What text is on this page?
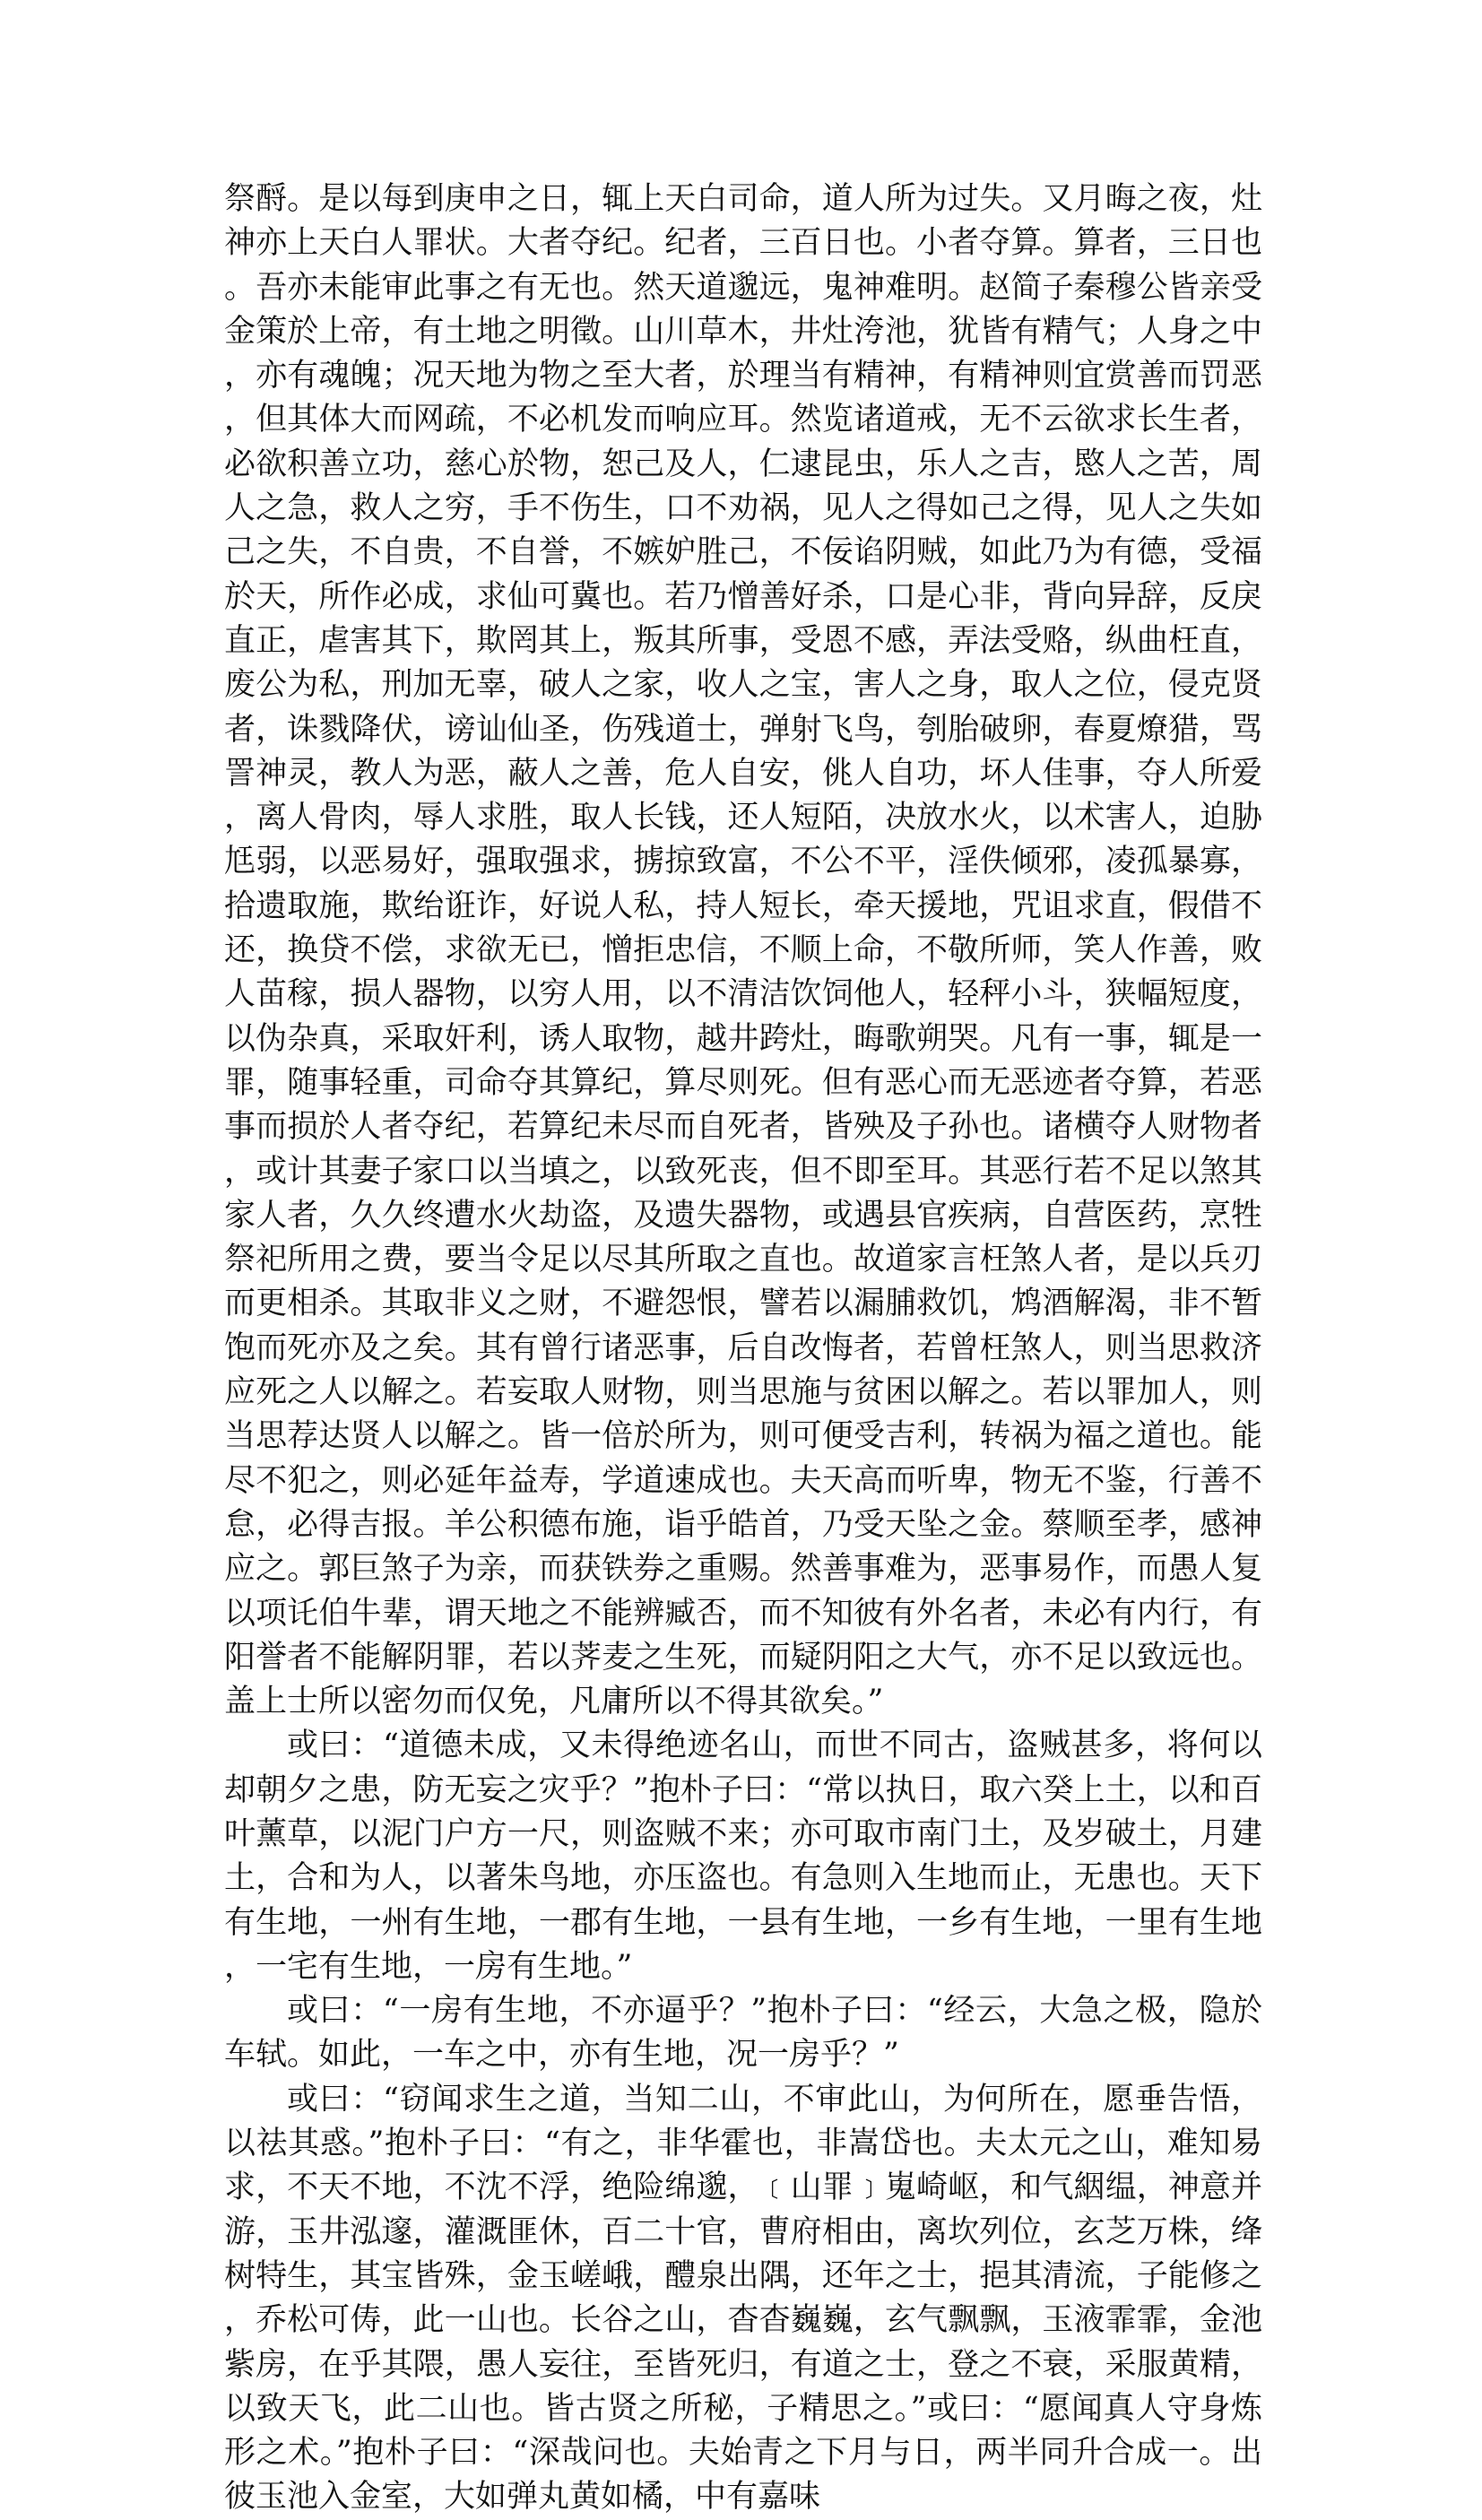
祭酹。是以每到庚申之日，辄上天白司命，道人所为过失。又月晦之夜，灶神亦上天白人罪状。大者夺纪。纪者，三百日也。小者夺算。算者，三日也。吾亦未能审此事之有无也。然天道邈远，鬼神难明。赵简子秦穆公皆亲受金策於上帝，有土地之明徵。山川草木，井灶洿池，犹皆有精气；人身之中，亦有魂魄；况天地为物之至大者，於理当有精神，有精神则宜赏善而罚恶，但其体大而网疏，不必机发而响应耳。然览诸道戒，无不云欲求长生者，必欲积善立功，慈心於物，恕己及人，仁逮昆虫，乐人之吉，愍人之苦，周人之急，救人之穷，手不伤生，口不劝祸，见人之得如己之得，见人之失如己之失，不自贵，不自誉，不嫉妒胜己，不佞谄阴贼，如此乃为有德，受福於天，所作必成，求仙可冀也。若乃憎善好杀，口是心非，背向异辞，反戾直正，虐害其下，欺罔其上，叛其所事，受恩不感，弄法受赂，纵曲枉直，废公为私，刑加无辜，破人之家，收人之宝，害人之身，取人之位，侵克贤者，诛戮降伏，谤讪仙圣，伤残道士，弹射飞鸟，刳胎破卵，春夏燎猎，骂詈神灵，教人为恶，蔽人之善，危人自安，佻人自功，坏人佳事，夺人所爱，离人骨肉，辱人求胜，取人长钱，还人短陌，决放水火，以术害人，迫胁尪弱，以恶易好，强取强求，掳掠致富，不公不平，淫佚倾邪，凌孤暴寡，拾遗取施，欺绐诳诈，好说人私，持人短长，牵天援地，咒诅求直，假借不还，换贷不偿，求欲无已，憎拒忠信，不顺上命，不敬所师，笑人作善，败人苗稼，损人器物，以穷人用，以不清洁饮饲他人，轻秤小斗，狭幅短度，以伪杂真，采取奸利，诱人取物，越井跨灶，晦歌朔哭。凡有一事，辄是一罪，随事轻重，司命夺其算纪，算尽则死。但有恶心而无恶迹者夺算，若恶事而损於人者夺纪，若算纪未尽而自死者，皆殃及子孙也。诸横夺人财物者，或计其妻子家口以当填之，以致死丧，但不即至耳。其恶行若不足以煞其家人者，久久终遭水火劫盗，及遗失器物，或遇县官疾病，自营医药，烹牲祭祀所用之费，要当令足以尽其所取之直也。故道家言枉煞人者，是以兵刃而更相杀。其取非义之财，不避怨恨，譬若以漏脯救饥，鸩酒解渴，非不暂饱而死亦及之矣。其有曾行诸恶事，后自改悔者，若曾枉煞人，则当思救济应死之人以解之。若妄取人财物，则当思施与贫困以解之。若以罪加人，则当思荐达贤人以解之。皆一倍於所为，则可便受吉利，转祸为福之道也。能尽不犯之，则必延年益寿，学道速成也。夫天高而听卑，物无不鉴，行善不怠，必得吉报。羊公积德布施，诣乎皓首，乃受天坠之金。蔡顺至孝，感神应之。郭巨煞子为亲，而获铁券之重赐。然善事难为，恶事易作，而愚人复以项讬伯牛辈，谓天地之不能辨臧否，而不知彼有外名者，未必有内行，有阳誉者不能解阴罪，若以荠麦之生死，而疑阴阳之大气，亦不足以致远也。盖上士所以密勿而仅免，凡庸所以不得其欲矣。”

或曰：“道德未成，又未得绝迹名山，而世不同古，盗贼甚多，将何以却朝夕之患，防无妄之灾乎？”抱朴子曰：“常以执日，取六癸上土，以和百叶薰草，以泥门户方一尺，则盗贼不来；亦可取市南门土，及岁破土，月建土，合和为人，以著朱鸟地，亦压盗也。有急则入生地而止，无患也。天下有生地，一州有生地，一郡有生地，一县有生地，一乡有生地，一里有生地，一宅有生地，一房有生地。”

或曰：“一房有生地，不亦逼乎？”抱朴子曰：“经云，大急之极，隐於车轼。如此，一车之中，亦有生地，况一房乎？”

或曰：“窃闻求生之道，当知二山，不审此山，为何所在，愿垂告悟，以祛其惑。”抱朴子曰：“有之，非华霍也，非嵩岱也。夫太元之山，难知易求，不天不地，不沈不浮，绝险绵邈，﹝山罪﹞嵬崎岖，和气絪缊，神意并游，玉井泓邃，灌溉匪休，百二十官，曹府相由，离坎列位，玄芝万株，绛树特生，其宝皆殊，金玉嵯峨，醴泉出隅，还年之士，挹其清流，子能修之，乔松可俦，此一山也。长谷之山，杳杳巍巍，玄气飘飘，玉液霏霏，金池紫房，在乎其隈，愚人妄往，至皆死归，有道之士，登之不衰，采服黄精，以致天飞，此二山也。皆古贤之所秘，子精思之。”或曰：“愿闻真人守身炼形之术。”抱朴子曰：“深哉问也。夫始青之下月与日，两半同升合成一。出彼玉池入金室，大如弹丸黄如橘，中有嘉味
